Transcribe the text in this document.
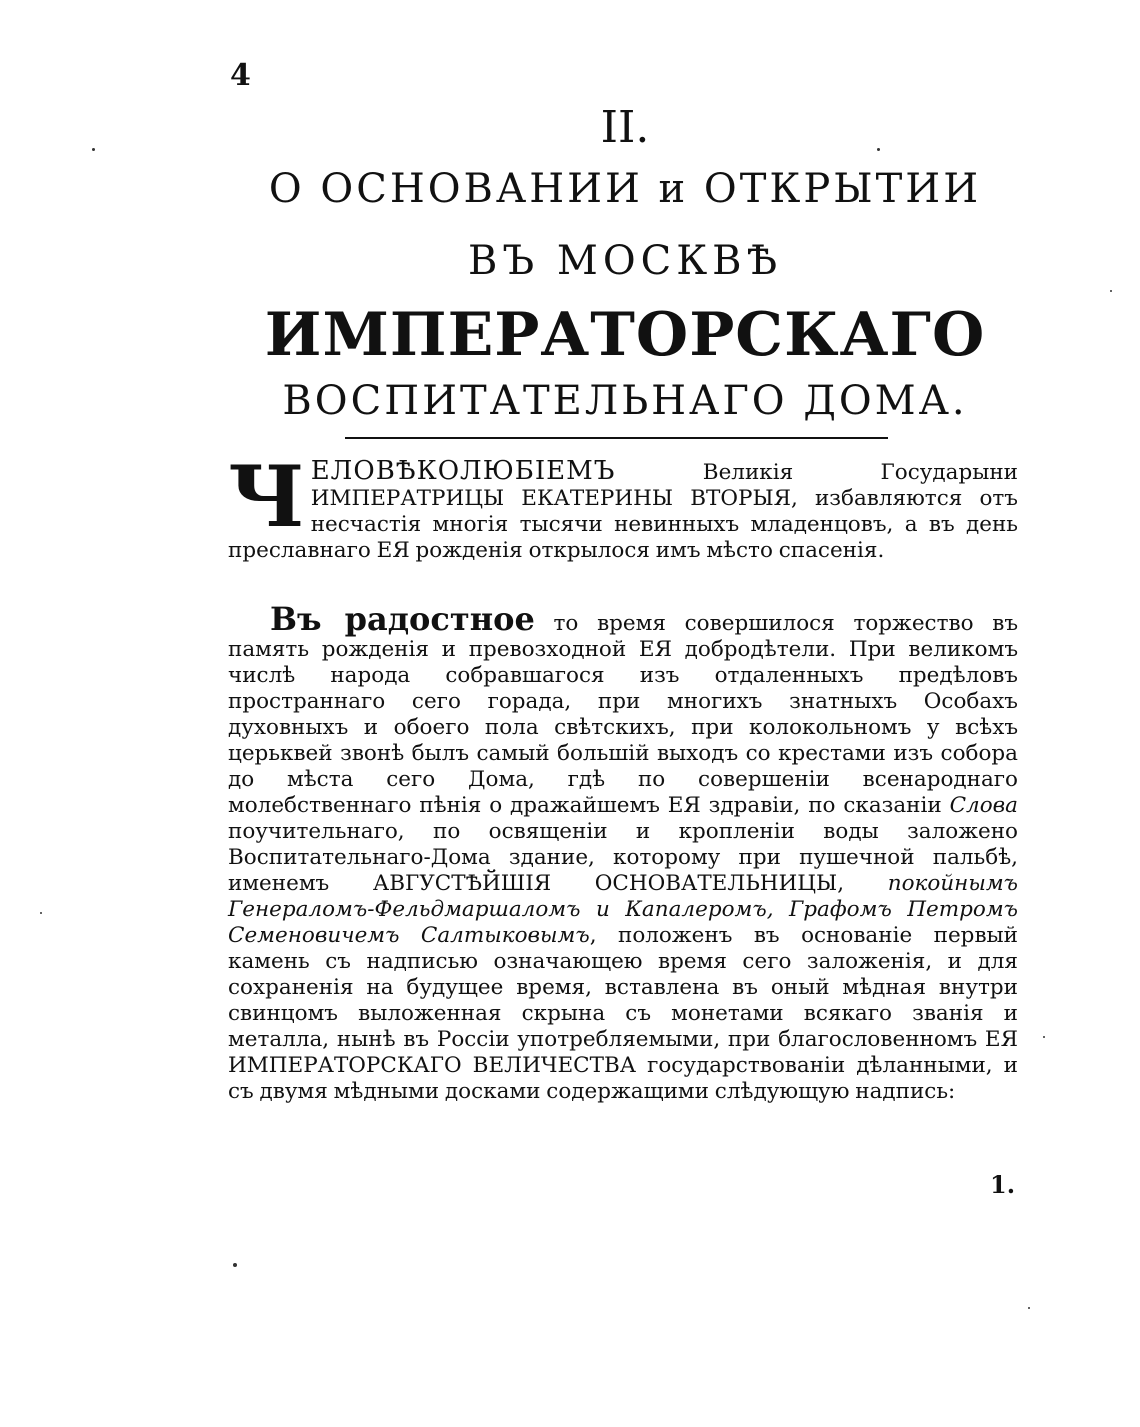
4
II.
О ОСНОВАНИИ и ОТКРЫТИИ
ВЪ МОСКВѢ
ИМПЕРАТОРСКАГО
ВОСПИТАТЕЛЬНАГО ДОМА.
ЧЕЛОВѢКОЛЮБІЕМЪ Великія Государыни ИМПЕРАТРИЦЫ ЕКАТЕРИНЫ ВТОРЫЯ, избавляются отъ несчастія многія тысячи невинныхъ младенцовъ, а въ день преславнаго ЕЯ рожденія открылося имъ мѣсто спасенія.
Въ радостное то время совершилося торжество въ память рожденія и превозходной ЕЯ добродѣтели. При великомъ числѣ народа собравшагося изъ отдаленныхъ предѣловъ пространнаго сего горада, при многихъ знатныхъ Особахъ духовныхъ и обоего пола свѣтскихъ, при колокольномъ у всѣхъ церьквей звонѣ былъ самый большій выходъ со крестами изъ собора до мѣста сего Дома, гдѣ по совершеніи всенароднаго молебственнаго пѣнія о дражайшемъ ЕЯ здравіи, по сказаніи Слова поучительнаго, по освященіи и кропленіи воды заложено Воспитательнаго-Дома здание, которому при пушечной пальбѣ, именемъ АВГУСТѢЙШІЯ ОСНОВАТЕЛЬНИЦЫ, покойнымъ Генераломъ-Фельдмаршаломъ и Капалеромъ, Графомъ Петромъ Семеновичемъ Салтыковымъ, положенъ въ основаніе первый камень съ надписью означающею время сего заложенія, и для сохраненія на будущее время, вставлена въ оный мѣдная внутри свинцомъ выложенная скрына съ монетами всякаго званія и металла, нынѣ въ Россіи употребляемыми, при благословенномъ ЕЯ ИМПЕРАТОРСКАГО ВЕЛИЧЕСТВА государствованіи дѣланными, и съ двумя мѣдными досками содержащими слѣдующую надпись:
1.
